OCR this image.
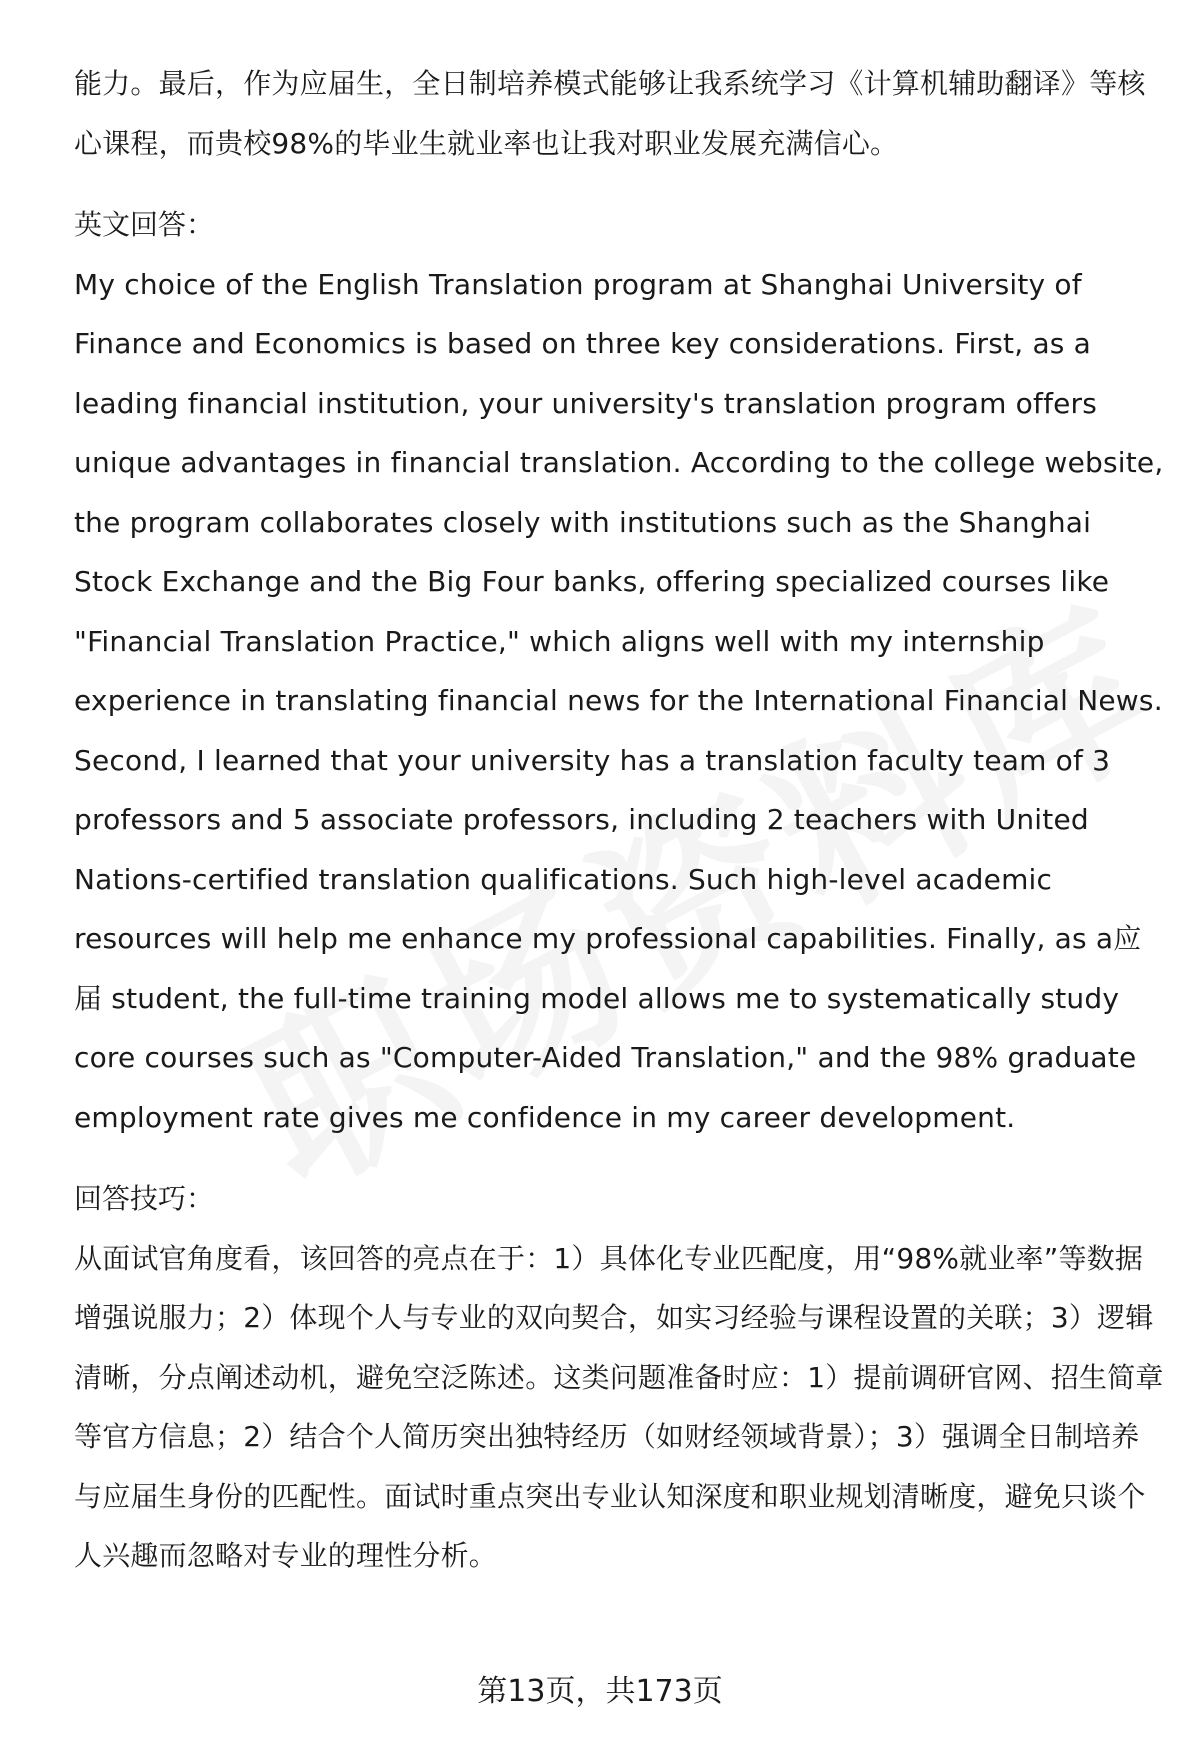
能力。最后，作为应届生，全日制培养模式能够让我系统学习《计算机辅助翻译》等核心课程，而贵校98%的毕业生就业率也让我对职业发展充满信心。

英文回答：

My choice of the English Translation program at Shanghai University of Finance and Economics is based on three key considerations. First, as a leading financial institution, your university's translation program offers unique advantages in financial translation. According to the college website, the program collaborates closely with institutions such as the Shanghai Stock Exchange and the Big Four banks, offering specialized courses like "Financial Translation Practice," which aligns well with my internship experience in translating financial news for the International Financial News. Second, I learned that your university has a translation faculty team of 3 professors and 5 associate professors, including 2 teachers with United Nations-certified translation qualifications. Such high-level academic resources will help me enhance my professional capabilities. Finally, as a应届 student, the full-time training model allows me to systematically study core courses such as "Computer-Aided Translation," and the 98% graduate employment rate gives me confidence in my career development.

回答技巧：

从面试官角度看，该回答的亮点在于：1）具体化专业匹配度，用“98%就业率”等数据增强说服力；2）体现个人与专业的双向契合，如实习经验与课程设置的关联；3）逻辑清晰，分点阐述动机，避免空泛陈述。这类问题准备时应：1）提前调研官网、招生简章等官方信息；2）结合个人简历突出独特经历（如财经领域背景）；3）强调全日制培养与应届生身份的匹配性。面试时重点突出专业认知深度和职业规划清晰度，避免只谈个人兴趣而忽略对专业的理性分析。

第13页，共173页
